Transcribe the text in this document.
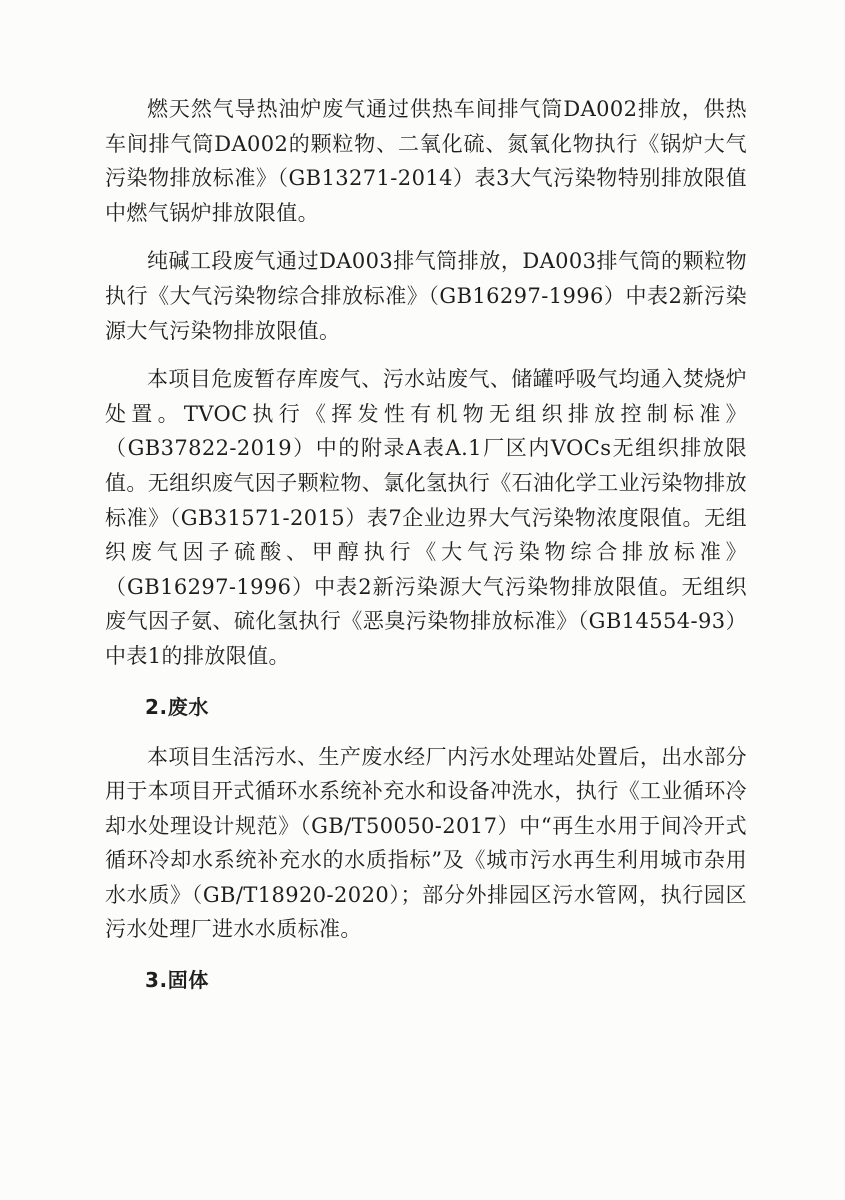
燃天然气导热油炉废气通过供热车间排气筒DA002排放，供热车间排气筒DA002的颗粒物、二氧化硫、氮氧化物执行《锅炉大气污染物排放标准》（GB13271-2014）表3大气污染物特别排放限值中燃气锅炉排放限值。

纯碱工段废气通过DA003排气筒排放，DA003排气筒的颗粒物执行《大气污染物综合排放标准》（GB16297-1996）中表2新污染源大气污染物排放限值。

本项目危废暂存库废气、污水站废气、储罐呼吸气均通入焚烧炉处置。TVOC执行《挥发性有机物无组织排放控制标准》（GB37822-2019）中的附录A表A.1厂区内VOCs无组织排放限值。无组织废气因子颗粒物、氯化氢执行《石油化学工业污染物排放标准》（GB31571-2015）表7企业边界大气污染物浓度限值。无组织废气因子硫酸、甲醇执行《大气污染物综合排放标准》（GB16297-1996）中表2新污染源大气污染物排放限值。无组织废气因子氨、硫化氢执行《恶臭污染物排放标准》（GB14554-93）中表1的排放限值。

2.废水

本项目生活污水、生产废水经厂内污水处理站处置后，出水部分用于本项目开式循环水系统补充水和设备冲洗水，执行《工业循环冷却水处理设计规范》（GB/T50050-2017）中“再生水用于间冷开式循环冷却水系统补充水的水质指标”及《城市污水再生利用城市杂用水水质》（GB/T18920-2020）；部分外排园区污水管网，执行园区污水处理厂进水水质标准。

3.固体
